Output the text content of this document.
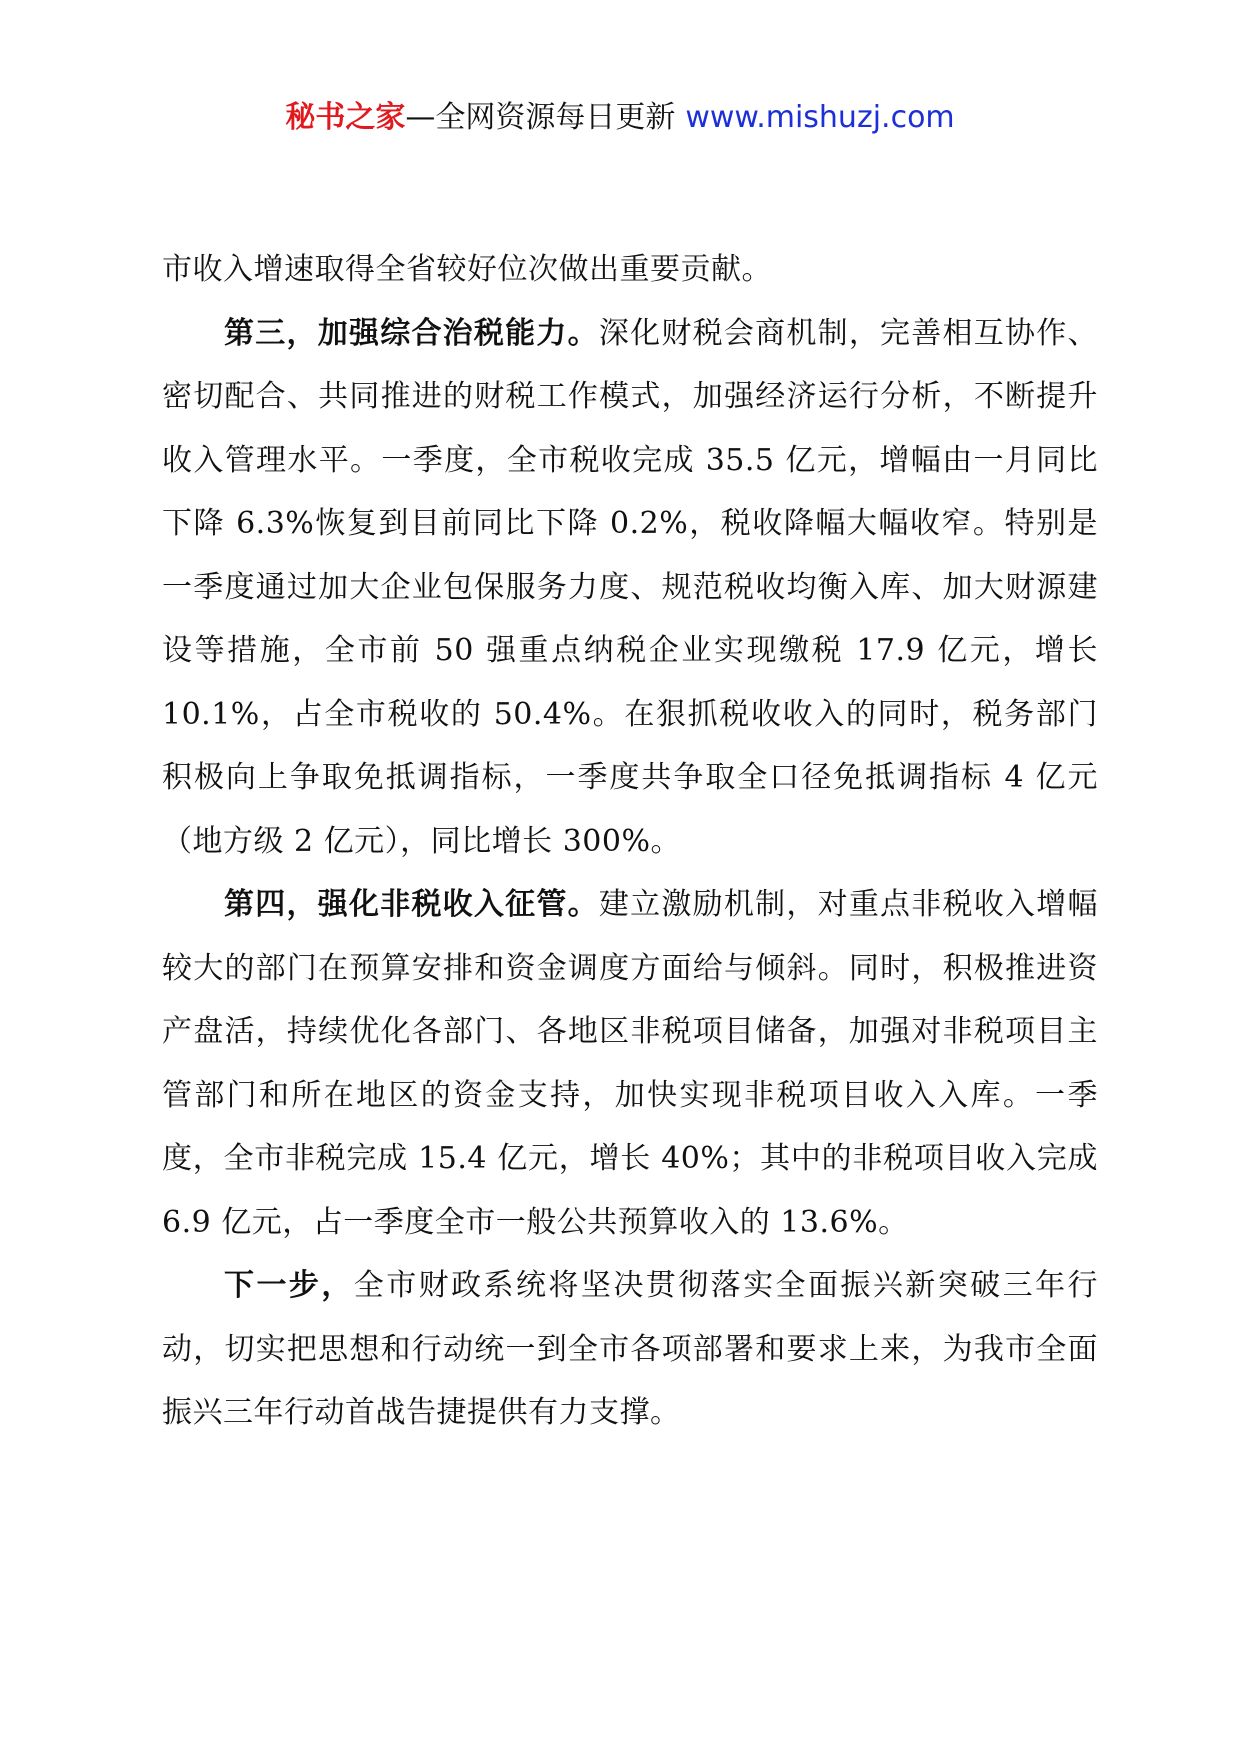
秘书之家—全网资源每日更新 www.mishuzj.com

市收入增速取得全省较好位次做出重要贡献。

第三，加强综合治税能力。深化财税会商机制，完善相互协作、密切配合、共同推进的财税工作模式，加强经济运行分析，不断提升收入管理水平。一季度，全市税收完成 35.5 亿元，增幅由一月同比下降 6.3%恢复到目前同比下降 0.2%，税收降幅大幅收窄。特别是一季度通过加大企业包保服务力度、规范税收均衡入库、加大财源建设等措施，全市前 50 强重点纳税企业实现缴税 17.9 亿元，增长 10.1%，占全市税收的 50.4%。在狠抓税收收入的同时，税务部门积极向上争取免抵调指标，一季度共争取全口径免抵调指标 4 亿元（地方级 2 亿元），同比增长 300%。

第四，强化非税收入征管。建立激励机制，对重点非税收入增幅较大的部门在预算安排和资金调度方面给与倾斜。同时，积极推进资产盘活，持续优化各部门、各地区非税项目储备，加强对非税项目主管部门和所在地区的资金支持，加快实现非税项目收入入库。一季度，全市非税完成 15.4 亿元，增长 40%；其中的非税项目收入完成 6.9 亿元，占一季度全市一般公共预算收入的 13.6%。

下一步，全市财政系统将坚决贯彻落实全面振兴新突破三年行动，切实把思想和行动统一到全市各项部署和要求上来，为我市全面振兴三年行动首战告捷提供有力支撑。
